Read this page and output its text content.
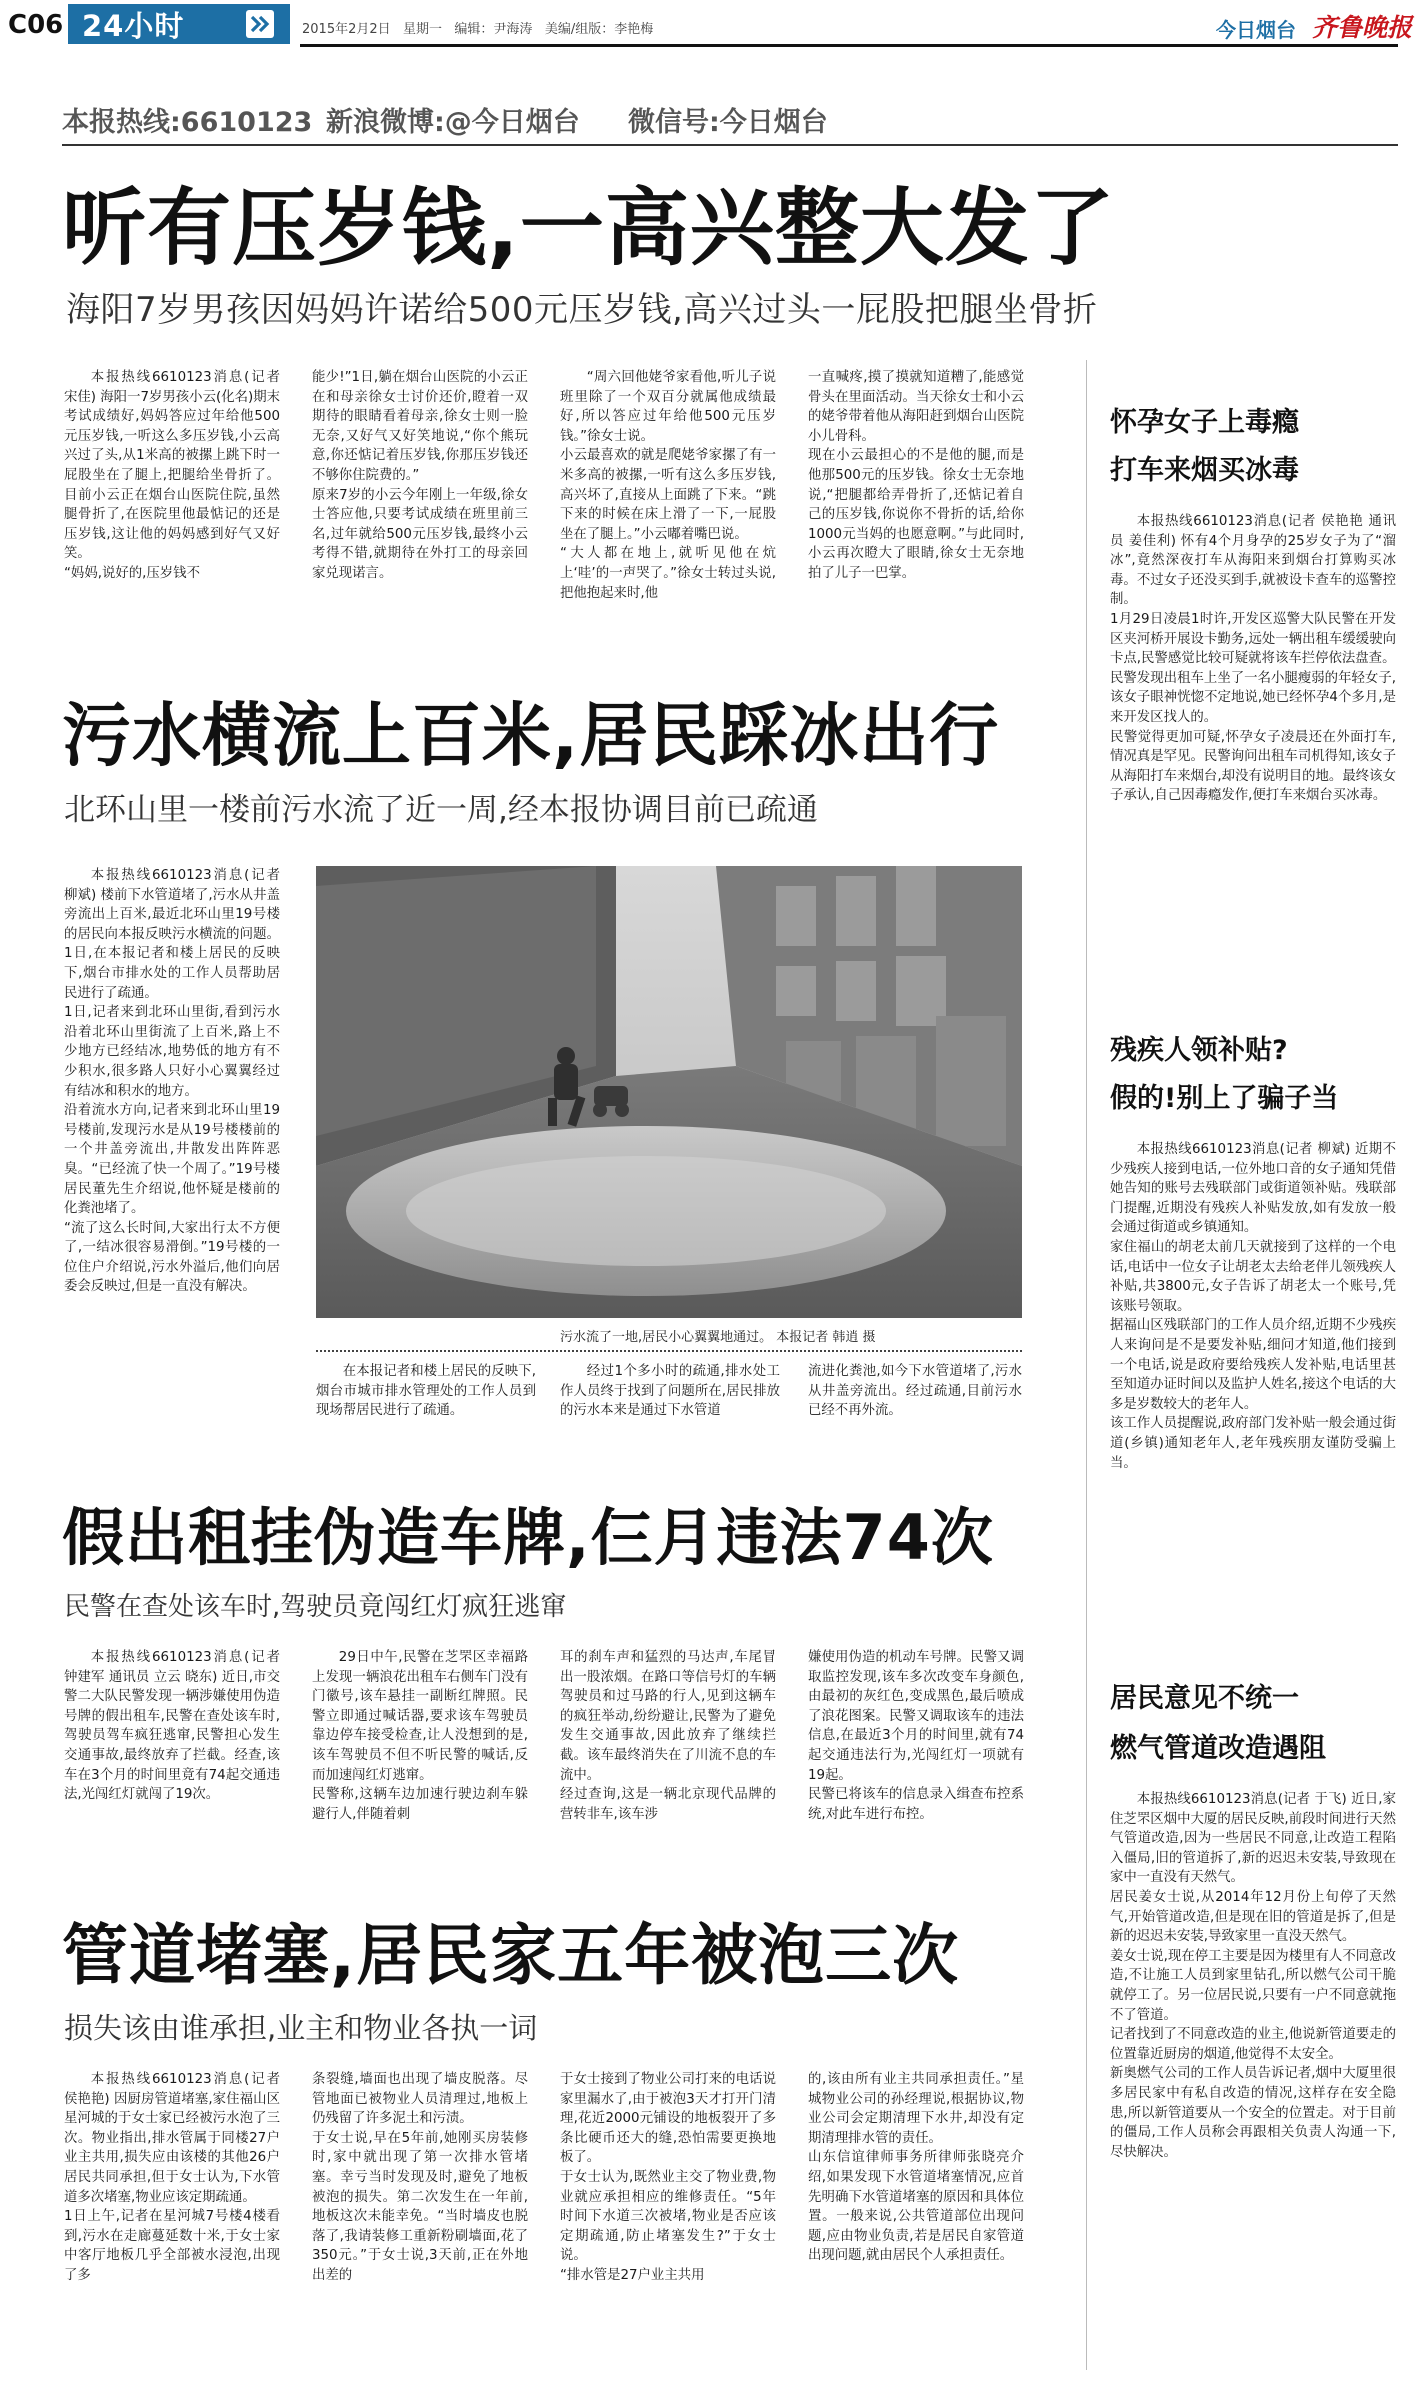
C06 24小时	2015年2月2日   星期一   编辑：尹海涛   美编/组版：李艳梅	今日烟台 齐鲁晚报
本报热线:6610123 新浪微博:@今日烟台 微信号:今日烟台
听有压岁钱,一高兴整大发了
海阳7岁男孩因妈妈许诺给500元压岁钱,高兴过头一屁股把腿坐骨折

本报热线6610123消息(记者 宋佳) 海阳一7岁男孩小云(化名)期末考试成绩好,妈妈答应过年给他500元压岁钱,一听这么多压岁钱,小云高兴过了头,从1米高的被摞上跳下时一屁股坐在了腿上,把腿给坐骨折了。目前小云正在烟台山医院住院,虽然腿骨折了,在医院里他最惦记的还是压岁钱,这让他的妈妈感到好气又好笑。
“妈妈,说好的,压岁钱不

能少!”1日,躺在烟台山医院的小云正在和母亲徐女士讨价还价,瞪着一双期待的眼睛看着母亲,徐女士则一脸无奈,又好气又好笑地说,“你个熊玩意,你还惦记着压岁钱,你那压岁钱还不够你住院费的。”
原来7岁的小云今年刚上一年级,徐女士答应他,只要考试成绩在班里前三名,过年就给500元压岁钱,最终小云考得不错,就期待在外打工的母亲回家兑现诺言。

“周六回他姥爷家看他,听儿子说班里除了一个双百分就属他成绩最好,所以答应过年给他500元压岁钱。”徐女士说。
小云最喜欢的就是爬姥爷家摞了有一米多高的被摞,一听有这么多压岁钱,高兴坏了,直接从上面跳了下来。“跳下来的时候在床上滑了一下,一屁股坐在了腿上。”小云嘟着嘴巴说。
“大人都在地上,就听见他在炕上‘哇’的一声哭了。”徐女士转过头说,把他抱起来时,他

一直喊疼,摸了摸就知道糟了,能感觉骨头在里面活动。当天徐女士和小云的姥爷带着他从海阳赶到烟台山医院小儿骨科。
现在小云最担心的不是他的腿,而是他那500元的压岁钱。徐女士无奈地说,“把腿都给弄骨折了,还惦记着自己的压岁钱,你说你不骨折的话,给你1000元当妈的也愿意啊。”与此同时,小云再次瞪大了眼睛,徐女士无奈地拍了儿子一巴掌。

污水横流上百米,居民踩冰出行
北环山里一楼前污水流了近一周,经本报协调目前已疏通

本报热线6610123消息(记者 柳斌) 楼前下水管道堵了,污水从井盖旁流出上百米,最近北环山里19号楼的居民向本报反映污水横流的问题。1日,在本报记者和楼上居民的反映下,烟台市排水处的工作人员帮助居民进行了疏通。
1日,记者来到北环山里街,看到污水沿着北环山里街流了上百米,路上不少地方已经结冰,地势低的地方有不少积水,很多路人只好小心翼翼经过有结冰和积水的地方。
沿着流水方向,记者来到北环山里19号楼前,发现污水是从19号楼楼前的一个井盖旁流出,井散发出阵阵恶臭。“已经流了快一个周了。”19号楼居民董先生介绍说,他怀疑是楼前的化粪池堵了。
“流了这么长时间,大家出行太不方便了,一结冰很容易滑倒。”19号楼的一位住户介绍说,污水外溢后,他们向居委会反映过,但是一直没有解决。

污水流了一地,居民小心翼翼地通过。 本报记者 韩逍 摄

在本报记者和楼上居民的反映下,烟台市城市排水管理处的工作人员到现场帮居民进行了疏通。

经过1个多小时的疏通,排水处工作人员终于找到了问题所在,居民排放的污水本来是通过下水管道

流进化粪池,如今下水管道堵了,污水从井盖旁流出。经过疏通,目前污水已经不再外流。

假出租挂伪造车牌,仨月违法74次
民警在查处该车时,驾驶员竟闯红灯疯狂逃窜

本报热线6610123消息(记者 钟建军 通讯员 立云 晓东) 近日,市交警二大队民警发现一辆涉嫌使用伪造号牌的假出租车,民警在查处该车时,驾驶员驾车疯狂逃窜,民警担心发生交通事故,最终放弃了拦截。经查,该车在3个月的时间里竟有74起交通违法,光闯红灯就闯了19次。

29日中午,民警在芝罘区幸福路上发现一辆浪花出租车右侧车门没有门徽号,该车悬挂一副断红牌照。民警立即通过喊话器,要求该车驾驶员靠边停车接受检查,让人没想到的是,该车驾驶员不但不听民警的喊话,反而加速闯红灯逃窜。
民警称,这辆车边加速行驶边刹车躲避行人,伴随着刺

耳的刹车声和猛烈的马达声,车尾冒出一股浓烟。在路口等信号灯的车辆驾驶员和过马路的行人,见到这辆车的疯狂举动,纷纷避让,民警为了避免发生交通事故,因此放弃了继续拦截。该车最终消失在了川流不息的车流中。
经过查询,这是一辆北京现代品牌的营转非车,该车涉

嫌使用伪造的机动车号牌。民警又调取监控发现,该车多次改变车身颜色,由最初的灰红色,变成黑色,最后喷成了浪花图案。民警又调取该车的违法信息,在最近3个月的时间里,就有74起交通违法行为,光闯红灯一项就有19起。
民警已将该车的信息录入缉查布控系统,对此车进行布控。

管道堵塞,居民家五年被泡三次
损失该由谁承担,业主和物业各执一词

本报热线6610123消息(记者 侯艳艳) 因厨房管道堵塞,家住福山区星河城的于女士家已经被污水泡了三次。物业指出,排水管属于同楼27户业主共用,损失应由该楼的其他26户居民共同承担,但于女士认为,下水管道多次堵塞,物业应该定期疏通。
1日上午,记者在星河城7号楼4楼看到,污水在走廊蔓延数十米,于女士家中客厅地板几乎全部被水浸泡,出现了多

条裂缝,墙面也出现了墙皮脱落。尽管地面已被物业人员清理过,地板上仍残留了许多泥土和污渍。
于女士说,早在5年前,她刚买房装修时,家中就出现了第一次排水管堵塞。幸亏当时发现及时,避免了地板被泡的损失。第二次发生在一年前,地板这次未能幸免。“当时墙皮也脱落了,我请装修工重新粉刷墙面,花了350元。”于女士说,3天前,正在外地出差的

于女士接到了物业公司打来的电话说家里漏水了,由于被泡3天才打开门清理,花近2000元铺设的地板裂开了多条比硬币还大的缝,恐怕需要更换地板了。
于女士认为,既然业主交了物业费,物业就应承担相应的维修责任。“5年时间下水道三次被堵,物业是否应该定期疏通,防止堵塞发生?”于女士说。
“排水管是27户业主共用

的,该由所有业主共同承担责任。”星城物业公司的孙经理说,根据协议,物业公司会定期清理下水井,却没有定期清理排水管的责任。
山东信谊律师事务所律师张晓亮介绍,如果发现下水管道堵塞情况,应首先明确下水管道堵塞的原因和具体位置。一般来说,公共管道部位出现问题,应由物业负责,若是居民自家管道出现问题,就由居民个人承担责任。

怀孕女子上毒瘾
打车来烟买冰毒

本报热线6610123消息(记者 侯艳艳 通讯员 姜佳利) 怀有4个月身孕的25岁女子为了“溜冰”,竟然深夜打车从海阳来到烟台打算购买冰毒。不过女子还没买到手,就被设卡查车的巡警控制。
1月29日凌晨1时许,开发区巡警大队民警在开发区夹河桥开展设卡勤务,远处一辆出租车缓缓驶向卡点,民警感觉比较可疑就将该车拦停依法盘查。
民警发现出租车上坐了一名小腿瘦弱的年轻女子,该女子眼神恍惚不定地说,她已经怀孕4个多月,是来开发区找人的。
民警觉得更加可疑,怀孕女子凌晨还在外面打车,情况真是罕见。民警询问出租车司机得知,该女子从海阳打车来烟台,却没有说明目的地。最终该女子承认,自己因毒瘾发作,便打车来烟台买冰毒。

残疾人领补贴?
假的!别上了骗子当

本报热线6610123消息(记者 柳斌) 近期不少残疾人接到电话,一位外地口音的女子通知凭借她告知的账号去残联部门或街道领补贴。残联部门提醒,近期没有残疾人补贴发放,如有发放一般会通过街道或乡镇通知。
家住福山的胡老太前几天就接到了这样的一个电话,电话中一位女子让胡老太去给老伴儿领残疾人补贴,共3800元,女子告诉了胡老太一个账号,凭该账号领取。
据福山区残联部门的工作人员介绍,近期不少残疾人来询问是不是要发补贴,细问才知道,他们接到一个电话,说是政府要给残疾人发补贴,电话里甚至知道办证时间以及监护人姓名,接这个电话的大多是岁数较大的老年人。
该工作人员提醒说,政府部门发补贴一般会通过街道(乡镇)通知老年人,老年残疾朋友谨防受骗上当。

居民意见不统一
燃气管道改造遇阻

本报热线6610123消息(记者 于飞) 近日,家住芝罘区烟中大厦的居民反映,前段时间进行天然气管道改造,因为一些居民不同意,让改造工程陷入僵局,旧的管道拆了,新的迟迟未安装,导致现在家中一直没有天然气。
居民姜女士说,从2014年12月份上旬停了天然气,开始管道改造,但是现在旧的管道是拆了,但是新的迟迟未安装,导致家里一直没天然气。
姜女士说,现在停工主要是因为楼里有人不同意改造,不让施工人员到家里钻孔,所以燃气公司干脆就停工了。另一位居民说,只要有一户不同意就拖不了管道。
记者找到了不同意改造的业主,他说新管道要走的位置靠近厨房的烟道,他觉得不太安全。
新奥燃气公司的工作人员告诉记者,烟中大厦里很多居民家中有私自改造的情况,这样存在安全隐患,所以新管道要从一个安全的位置走。对于目前的僵局,工作人员称会再跟相关负责人沟通一下,尽快解决。
